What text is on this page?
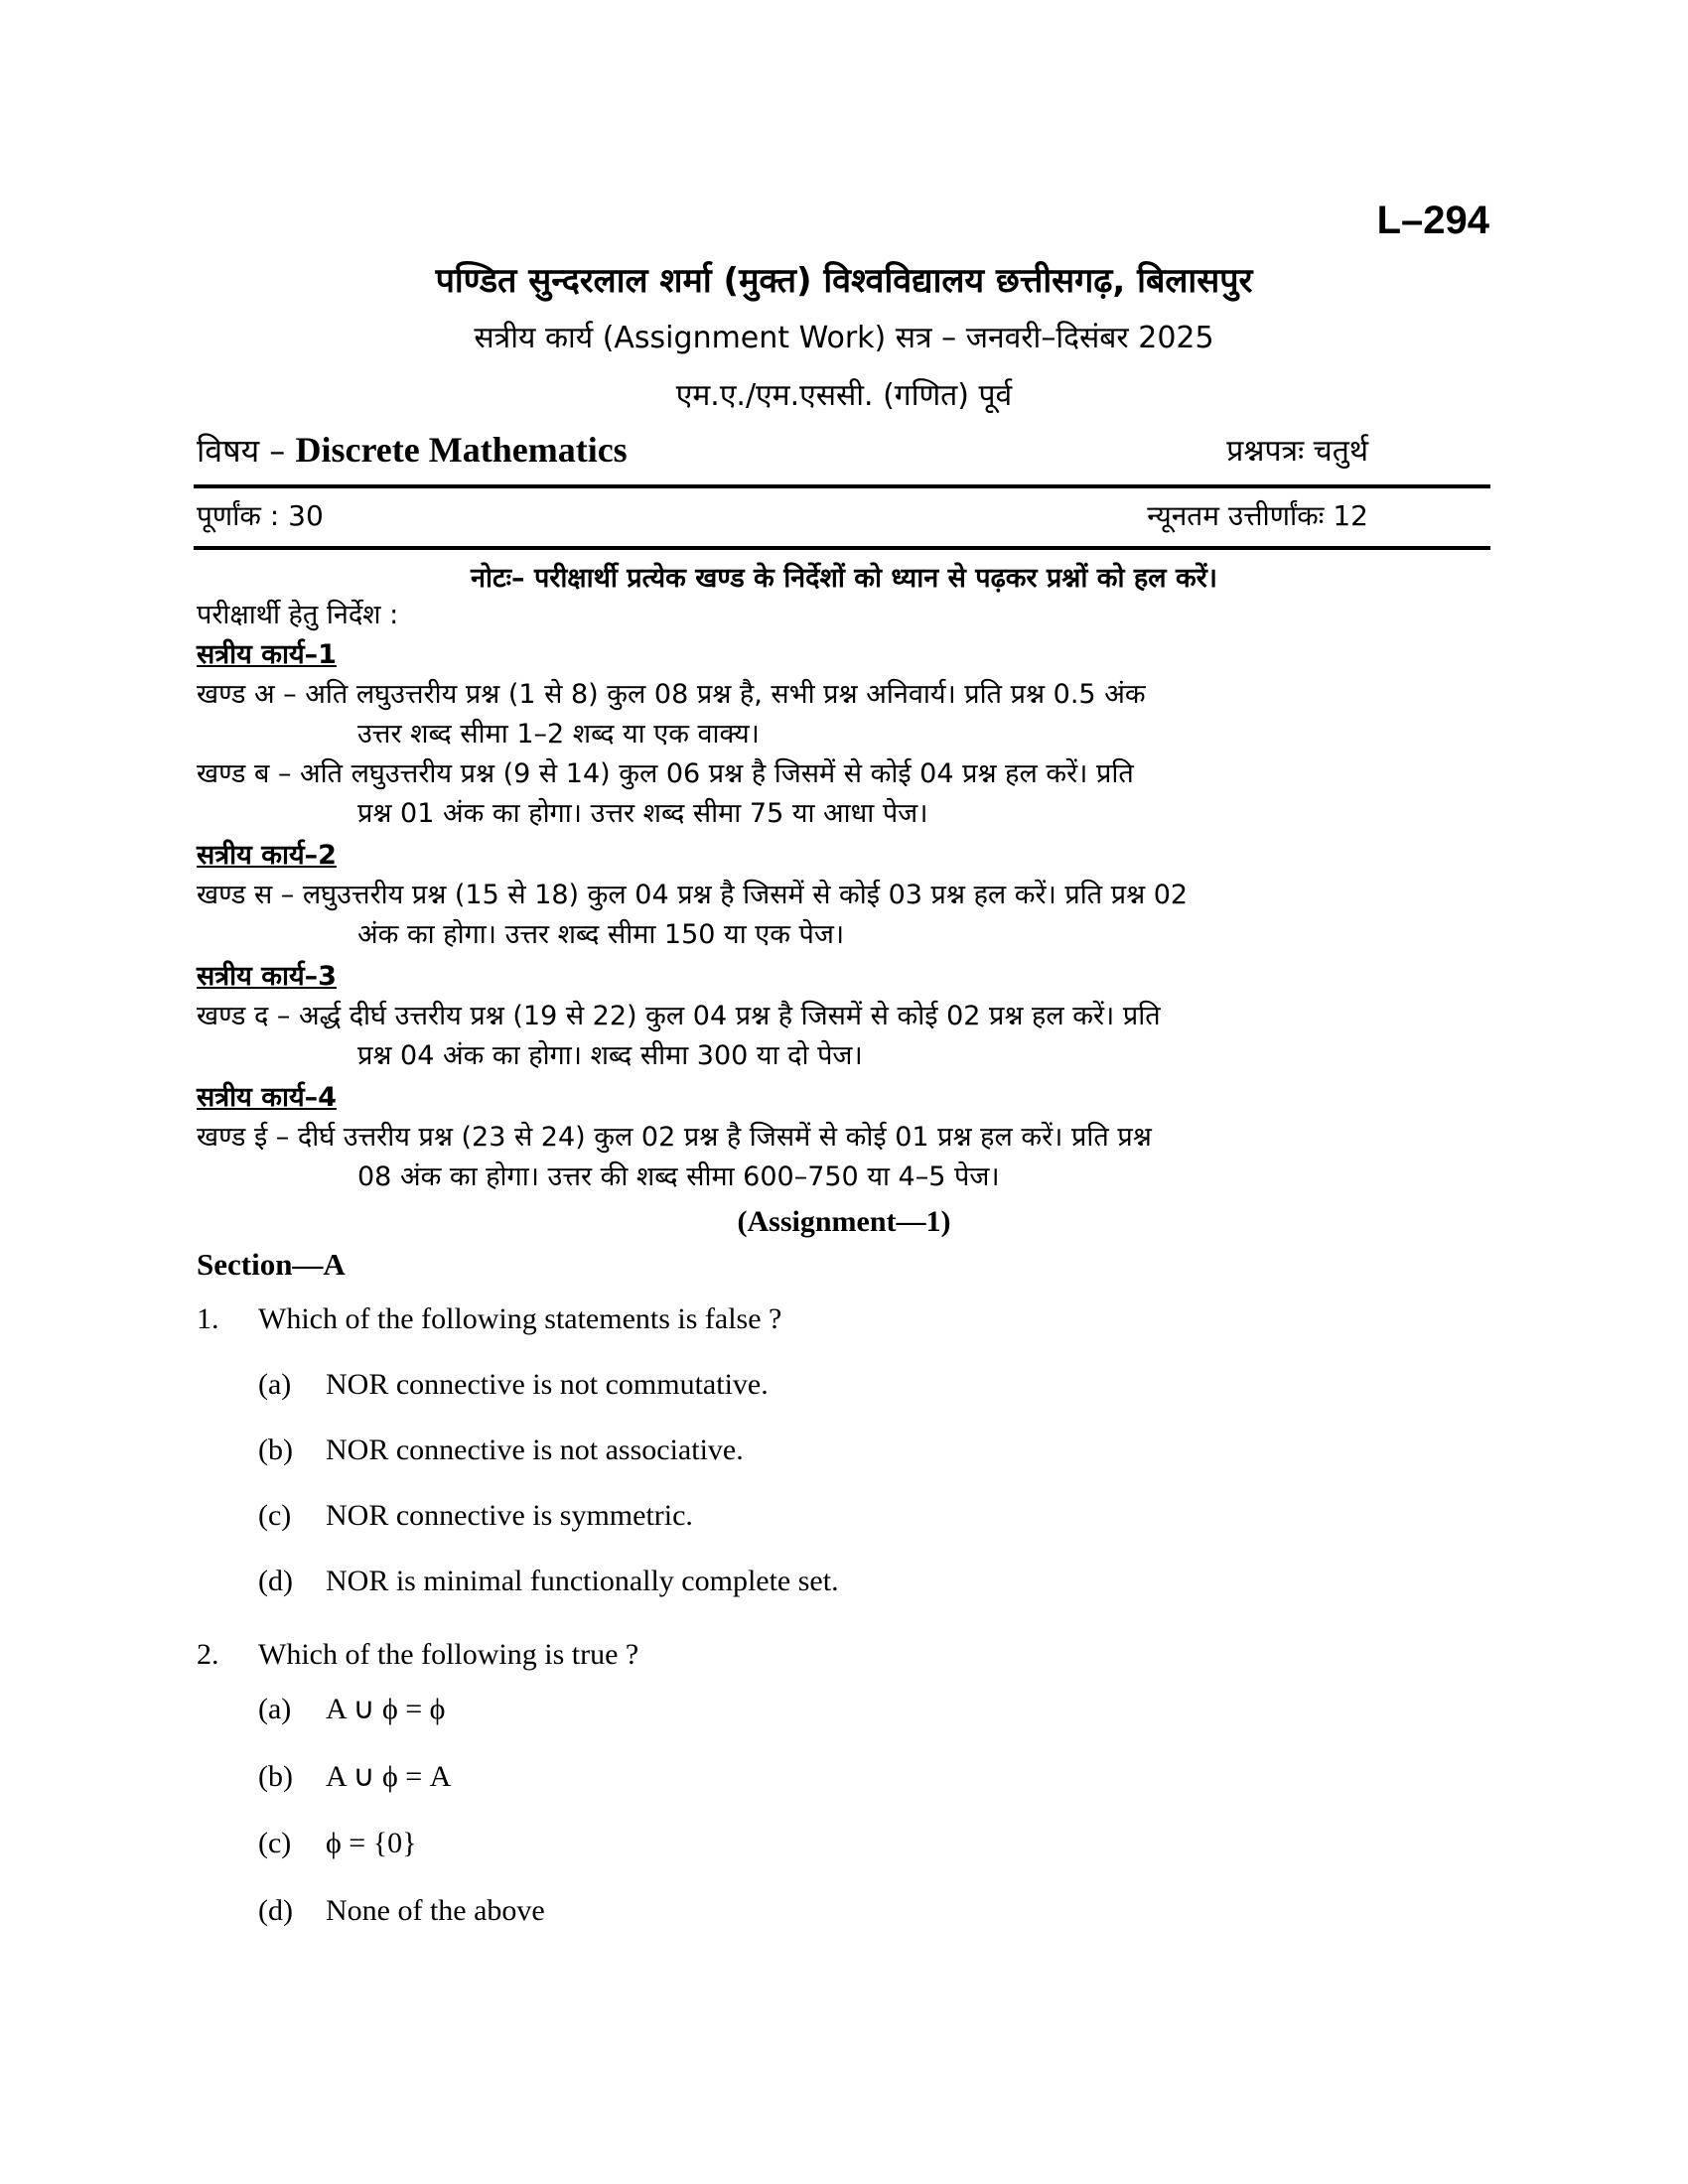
L–294
पण्डित सुन्दरलाल शर्मा (मुक्त) विश्वविद्यालय छत्तीसगढ़, बिलासपुर
सत्रीय कार्य (Assignment Work) सत्र – जनवरी–दिसंबर 2025
एम.ए./एम.एससी. (गणित) पूर्व
विषय – Discrete Mathematics	प्रश्नपत्रः चतुर्थ
पूर्णांक : 30	न्यूनतम उत्तीर्णांकः 12
नोटः– परीक्षार्थी प्रत्येक खण्ड के निर्देशों को ध्यान से पढ़कर प्रश्नों को हल करें।
परीक्षार्थी हेतु निर्देश :
सत्रीय कार्य–1
खण्ड अ – अति लघुउत्तरीय प्रश्न (1 से 8) कुल 08 प्रश्न है, सभी प्रश्न अनिवार्य। प्रति प्रश्न 0.5 अंक
उत्तर शब्द सीमा 1–2 शब्द या एक वाक्य।
खण्ड ब – अति लघुउत्तरीय प्रश्न (9 से 14) कुल 06 प्रश्न है जिसमें से कोई 04 प्रश्न हल करें। प्रति
प्रश्न 01 अंक का होगा। उत्तर शब्द सीमा 75 या आधा पेज।
सत्रीय कार्य–2
खण्ड स – लघुउत्तरीय प्रश्न (15 से 18) कुल 04 प्रश्न है जिसमें से कोई 03 प्रश्न हल करें। प्रति प्रश्न 02
अंक का होगा। उत्तर शब्द सीमा 150 या एक पेज।
सत्रीय कार्य–3
खण्ड द – अर्द्ध दीर्घ उत्तरीय प्रश्न (19 से 22) कुल 04 प्रश्न है जिसमें से कोई 02 प्रश्न हल करें। प्रति
प्रश्न 04 अंक का होगा। शब्द सीमा 300 या दो पेज।
सत्रीय कार्य–4
खण्ड ई – दीर्घ उत्तरीय प्रश्न (23 से 24) कुल 02 प्रश्न है जिसमें से कोई 01 प्रश्न हल करें। प्रति प्रश्न
08 अंक का होगा। उत्तर की शब्द सीमा 600–750 या 4–5 पेज।
(Assignment—1)
Section—A
1. Which of the following statements is false ?
(a) NOR connective is not commutative.
(b) NOR connective is not associative.
(c) NOR connective is symmetric.
(d) NOR is minimal functionally complete set.
2. Which of the following is true ?
(a) A ∪ ϕ = ϕ
(b) A ∪ ϕ = A
(c) ϕ = {0}
(d) None of the above
